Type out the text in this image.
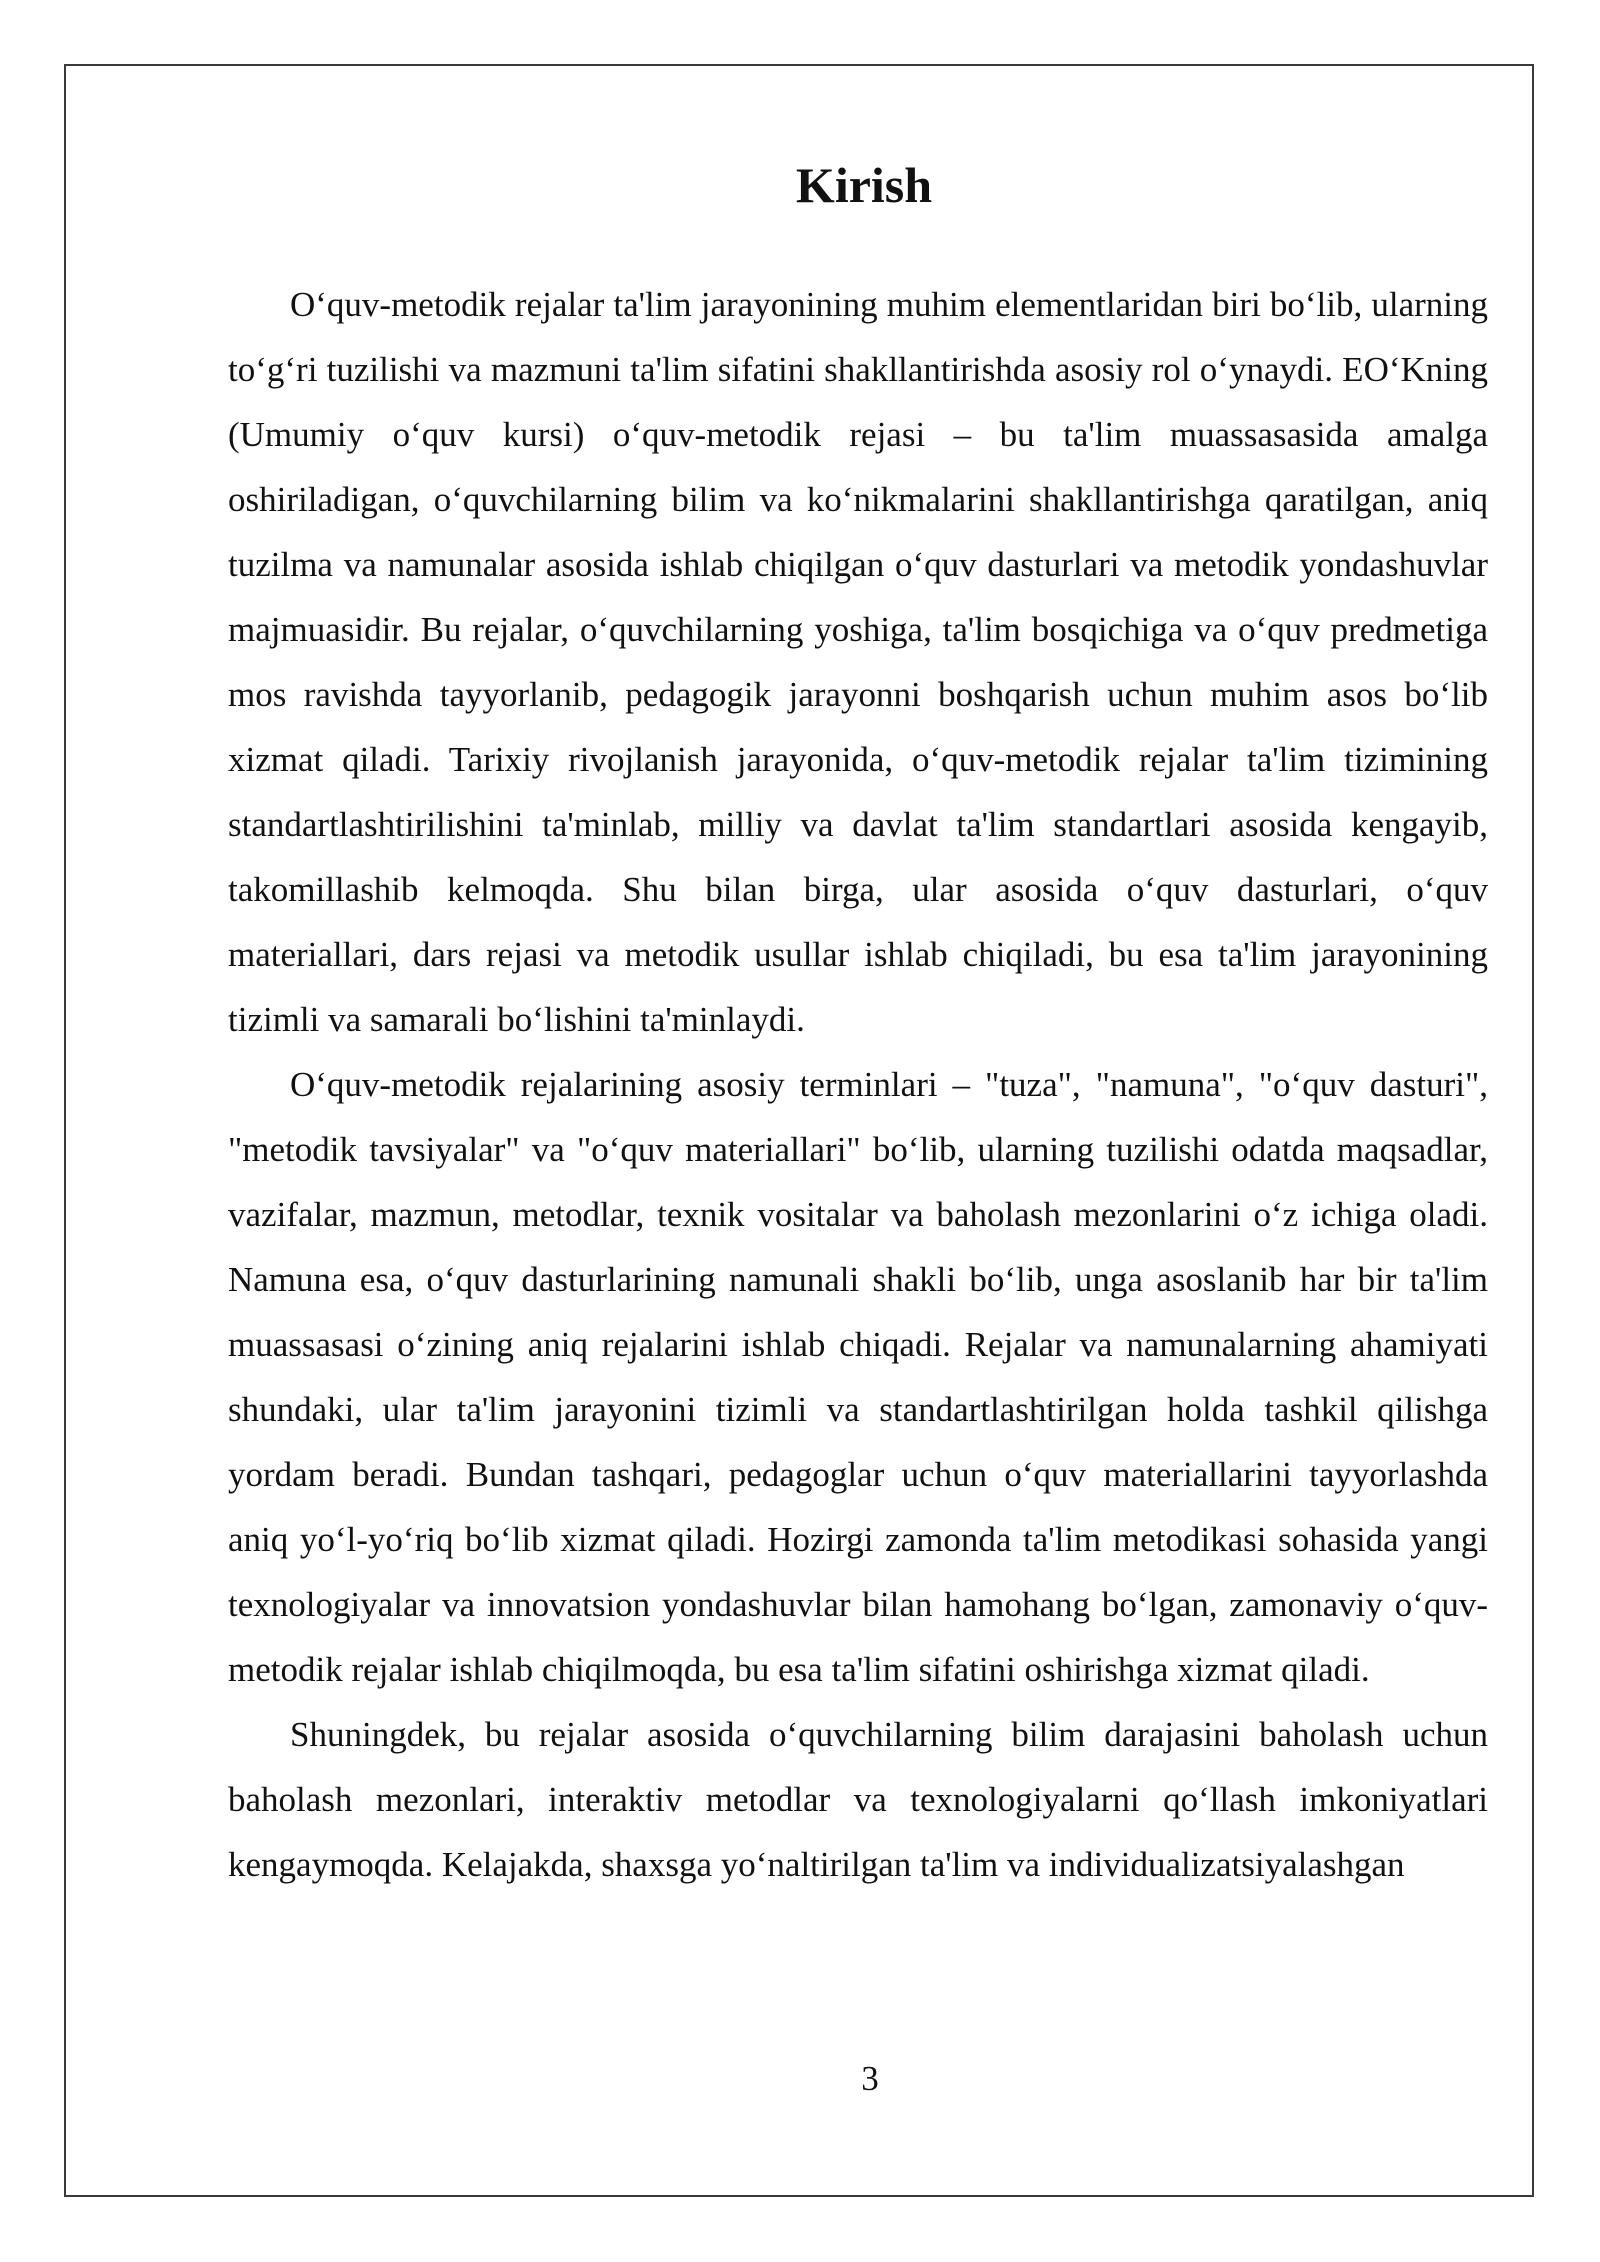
Kirish

O‘quv-metodik rejalar ta'lim jarayonining muhim elementlaridan biri bo‘lib, ularning to‘g‘ri tuzilishi va mazmuni ta'lim sifatini shakllantirishda asosiy rol o‘ynaydi. EO‘Kning (Umumiy o‘quv kursi) o‘quv-metodik rejasi – bu ta'lim muassasasida amalga oshiriladigan, o‘quvchilarning bilim va ko‘nikmalarini shakllantirishga qaratilgan, aniq tuzilma va namunalar asosida ishlab chiqilgan o‘quv dasturlari va metodik yondashuvlar majmuasidir. Bu rejalar, o‘quvchilarning yoshiga, ta'lim bosqichiga va o‘quv predmetiga mos ravishda tayyorlanib, pedagogik jarayonni boshqarish uchun muhim asos bo‘lib xizmat qiladi. Tarixiy rivojlanish jarayonida, o‘quv-metodik rejalar ta'lim tizimining standartlashtirilishini ta'minlab, milliy va davlat ta'lim standartlari asosida kengayib, takomillashib kelmoqda. Shu bilan birga, ular asosida o‘quv dasturlari, o‘quv materiallari, dars rejasi va metodik usullar ishlab chiqiladi, bu esa ta'lim jarayonining tizimli va samarali bo‘lishini ta'minlaydi.

O‘quv-metodik rejalarining asosiy terminlari – "tuza", "namuna", "o‘quv dasturi", "metodik tavsiyalar" va "o‘quv materiallari" bo‘lib, ularning tuzilishi odatda maqsadlar, vazifalar, mazmun, metodlar, texnik vositalar va baholash mezonlarini o‘z ichiga oladi. Namuna esa, o‘quv dasturlarining namunali shakli bo‘lib, unga asoslanib har bir ta'lim muassasasi o‘zining aniq rejalarini ishlab chiqadi. Rejalar va namunalarning ahamiyati shundaki, ular ta'lim jarayonini tizimli va standartlashtirilgan holda tashkil qilishga yordam beradi. Bundan tashqari, pedagoglar uchun o‘quv materiallarini tayyorlashda aniq yo‘l-yo‘riq bo‘lib xizmat qiladi. Hozirgi zamonda ta'lim metodikasi sohasida yangi texnologiyalar va innovatsion yondashuvlar bilan hamohang bo‘lgan, zamonaviy o‘quv-metodik rejalar ishlab chiqilmoqda, bu esa ta'lim sifatini oshirishga xizmat qiladi.

Shuningdek, bu rejalar asosida o‘quvchilarning bilim darajasini baholash uchun baholash mezonlari, interaktiv metodlar va texnologiyalarni qo‘llash imkoniyatlari kengaymoqda. Kelajakda, shaxsga yo‘naltirilgan ta'lim va individualizatsiyalashgan

3
